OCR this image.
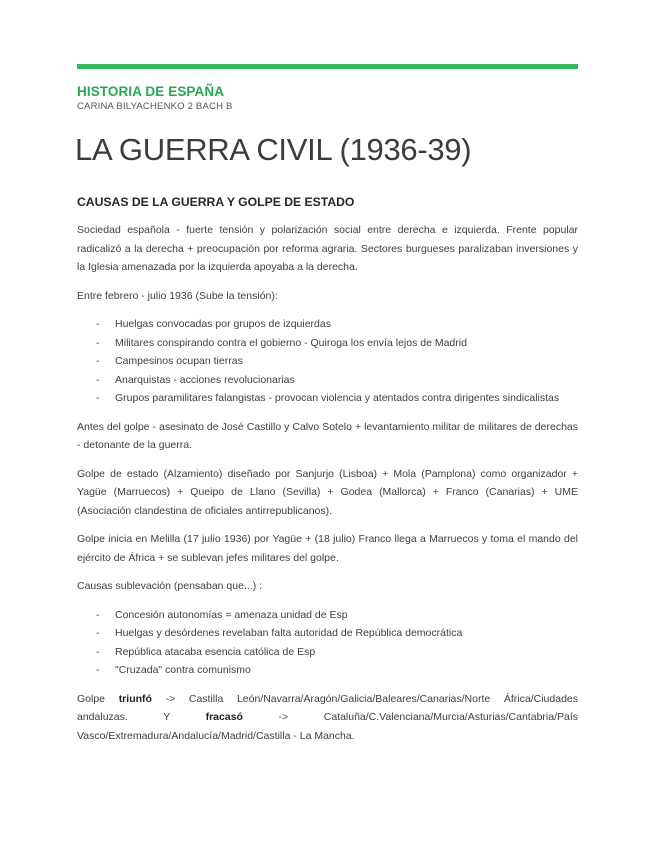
HISTORIA DE ESPAÑA
CARINA BILYACHENKO 2 BACH B
LA GUERRA CIVIL (1936-39)
CAUSAS DE LA GUERRA Y GOLPE DE ESTADO

Sociedad española - fuerte tensión y polarización social entre derecha e izquierda. Frente popular radicalizó a la derecha + preocupación por reforma agraria. Sectores burgueses paralizaban inversiones y la Iglesia amenazada por la izquierda apoyaba a la derecha.

Entre febrero - julio 1936 (Sube la tensión):

- Huelgas convocadas por grupos de izquierdas
- Militares conspirando contra el gobierno - Quiroga los envía lejos de Madrid
- Campesinos ocupan tierras
- Anarquistas - acciones revolucionarias
- Grupos paramilitares falangistas - provocan violencia y atentados contra dirigentes sindicalistas

Antes del golpe - asesinato de José Castillo y Calvo Sotelo + levantamiento militar de militares de derechas - detonante de la guerra.

Golpe de estado (Alzamiento) diseñado por Sanjurjo (Lisboa) + Mola (Pamplona) como organizador + Yagüe (Marruecos) + Queipo de Llano (Sevilla) + Godea (Mallorca) + Franco (Canarias) + UME (Asociación clandestina de oficiales antirrepublicanos).

Golpe inicia en Melilla (17 julio 1936) por Yagüe + (18 julio) Franco llega a Marruecos y toma el mando del ejército de África + se sublevan jefes militares del golpe.

Causas sublevación (pensaban que...) :

- Concesión autonomías = amenaza unidad de Esp
- Huelgas y desórdenes revelaban falta autoridad de República democrática
- República atacaba esencia católica de Esp
- "Cruzada" contra comunismo

Golpe triunfó -> Castilla León/Navarra/Aragón/Galicia/Baleares/Canarias/Norte África/Ciudades andaluzas.	Y	fracasó	-> Cataluña/C.Valenciana/Murcia/Asturias/Cantabria/País Vasco/Extremadura/Andalucía/Madrid/Castilla - La Mancha.
